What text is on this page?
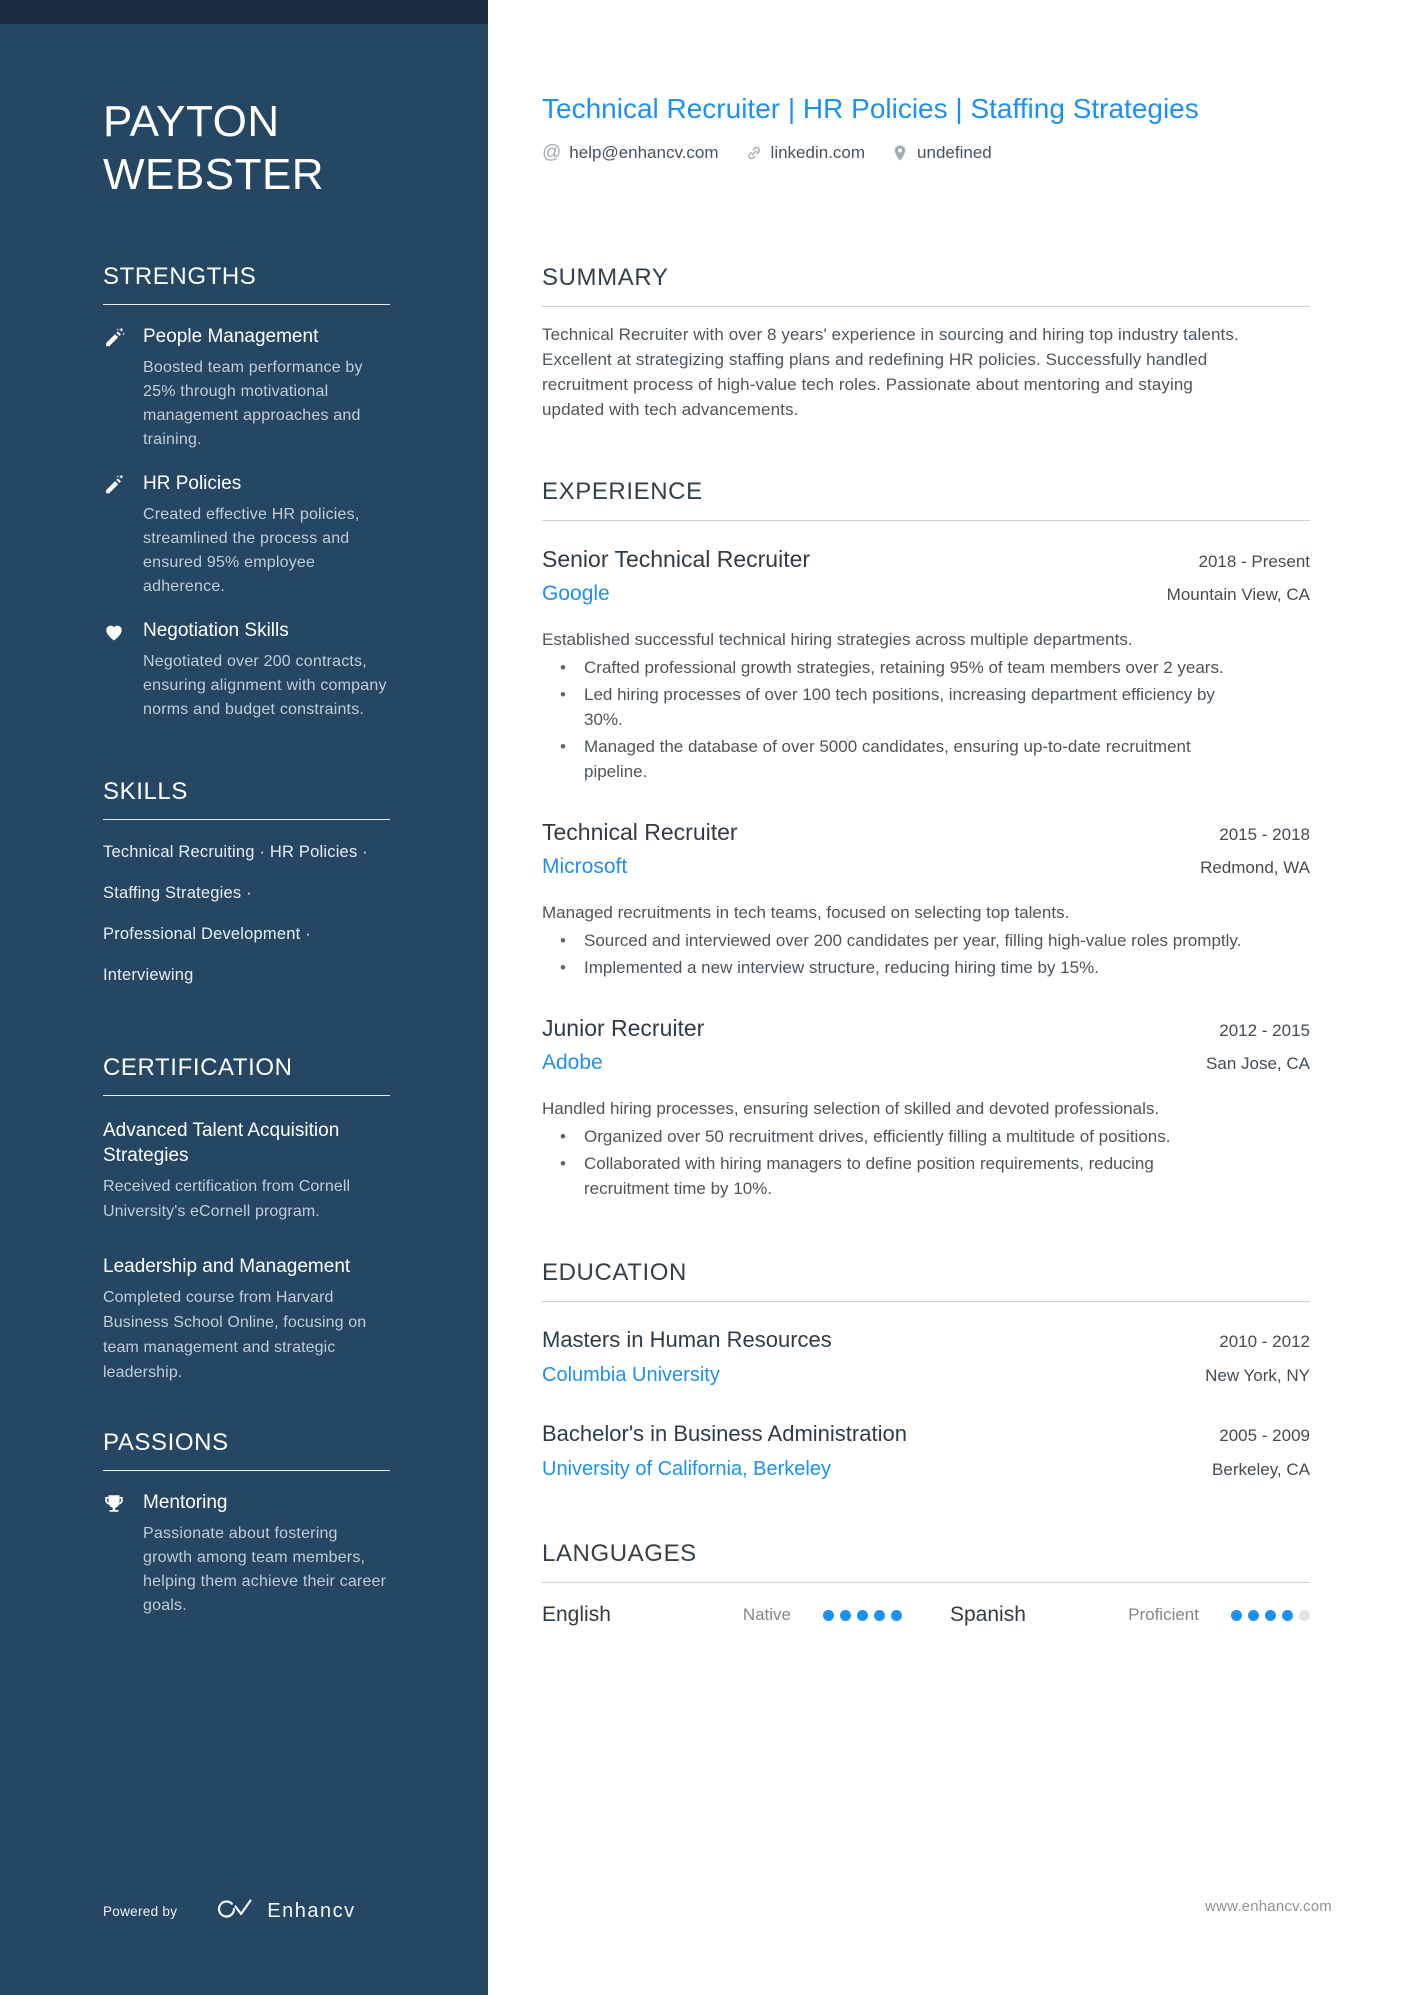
PAYTON WEBSTER
STRENGTHS
People Management
Boosted team performance by 25% through motivational management approaches and training.
HR Policies
Created effective HR policies, streamlined the process and ensured 95% employee adherence.
Negotiation Skills
Negotiated over 200 contracts, ensuring alignment with company norms and budget constraints.
SKILLS
Technical Recruiting · HR Policies ·
Staffing Strategies ·
Professional Development ·
Interviewing
CERTIFICATION
Advanced Talent Acquisition Strategies
Received certification from Cornell University's eCornell program.
Leadership and Management
Completed course from Harvard Business School Online, focusing on team management and strategic leadership.
PASSIONS
Mentoring
Passionate about fostering growth among team members, helping them achieve their career goals.
Powered by	Enhancv
Technical Recruiter | HR Policies | Staffing Strategies
@ help@enhancv.com	linkedin.com	undefined
SUMMARY

Technical Recruiter with over 8 years' experience in sourcing and hiring top industry talents. Excellent at strategizing staffing plans and redefining HR policies. Successfully handled recruitment process of high-value tech roles. Passionate about mentoring and staying updated with tech advancements.

EXPERIENCE
Senior Technical Recruiter	2018 - Present
Google	Mountain View, CA

Established successful technical hiring strategies across multiple departments.

• Crafted professional growth strategies, retaining 95% of team members over 2 years.
• Led hiring processes of over 100 tech positions, increasing department efficiency by 30%.
• Managed the database of over 5000 candidates, ensuring up-to-date recruitment pipeline.
Technical Recruiter	2015 - 2018
Microsoft	Redmond, WA

Managed recruitments in tech teams, focused on selecting top talents.

• Sourced and interviewed over 200 candidates per year, filling high-value roles promptly.
• Implemented a new interview structure, reducing hiring time by 15%.
Junior Recruiter	2012 - 2015
Adobe	San Jose, CA

Handled hiring processes, ensuring selection of skilled and devoted professionals.

• Organized over 50 recruitment drives, efficiently filling a multitude of positions.
• Collaborated with hiring managers to define position requirements, reducing recruitment time by 10%.
EDUCATION
Masters in Human Resources	2010 - 2012
Columbia University	New York, NY
Bachelor's in Business Administration	2005 - 2009
University of California, Berkeley	Berkeley, CA
LANGUAGES
English	Native	Spanish	Proficient
www.enhancv.com
